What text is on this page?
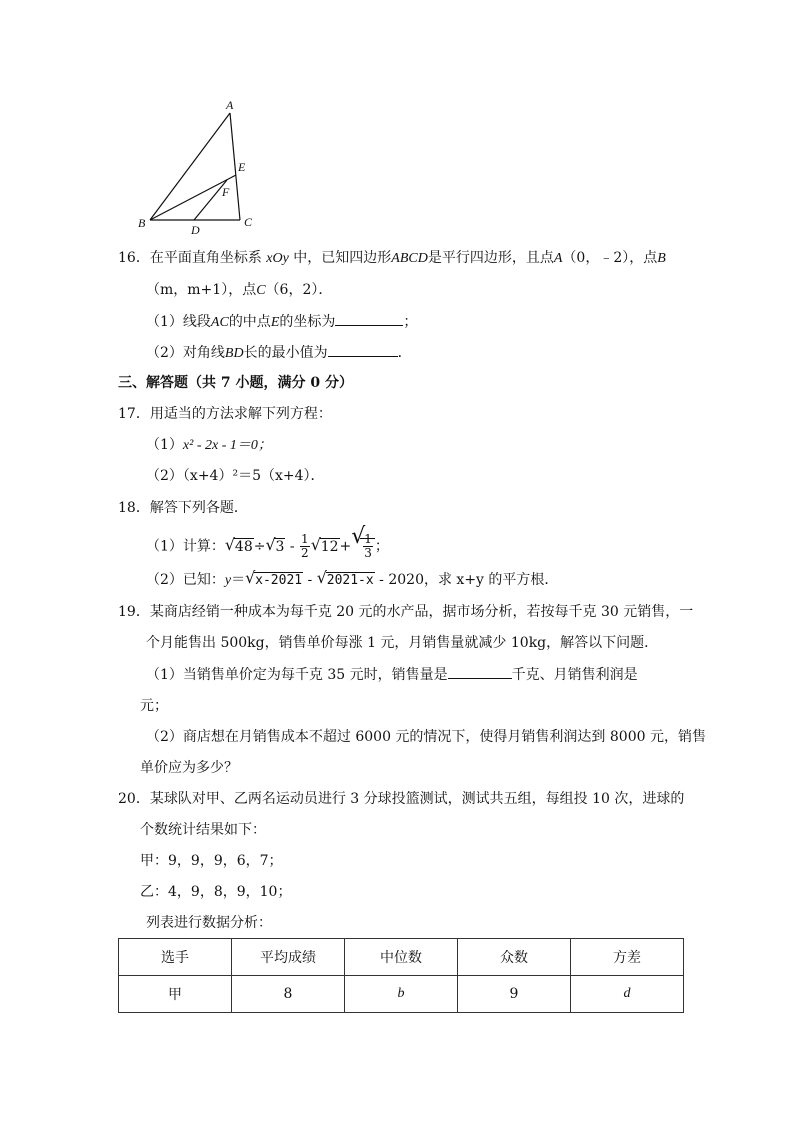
A
E
F
B	C
D
16．在平面直角坐标系 xOy 中，已知四边形ABCD是平行四边形，且点A（0，﹣2），点B
（m，m+1），点C（6，2）．
（1）线段AC的中点E的坐标为	；
（2）对角线BD长的最小值为	．
三、解答题（共 7 小题，满分 0 分）
17．用适当的方法求解下列方程：
（1）x² - 2x - 1＝0；
（2）（x+4）²＝5（x+4）．
18．解答下列各题．
（1）计算： √ 48÷ √ $3 - \frac{1}{2}$ √ 12+ √
$\frac{1}{3}$ ；
（2）已知：y＝ √ x-2021 - √ 2021-x - 2020，求 x+y 的平方根．
19．某商店经销一种成本为每千克 20 元的水产品，据市场分析，若按每千克 30 元销售，一
个月能售出 500kg，销售单价每涨 1 元，月销售量就减少 10kg，解答以下问题．
（1）当销售单价定为每千克 35 元时，销售量是	千克、月销售利润是
元；
（2）商店想在月销售成本不超过 6000 元的情况下，使得月销售利润达到 8000 元，销售
单价应为多少？
20．某球队对甲、乙两名运动员进行 3 分球投篮测试，测试共五组，每组投 10 次，进球的
个数统计结果如下：
甲：9，9，9，6，7；
乙：4，9，8，9，10；
列表进行数据分析：
选手	平均成绩	中位数	众数	方差
甲	8	b	9	d
